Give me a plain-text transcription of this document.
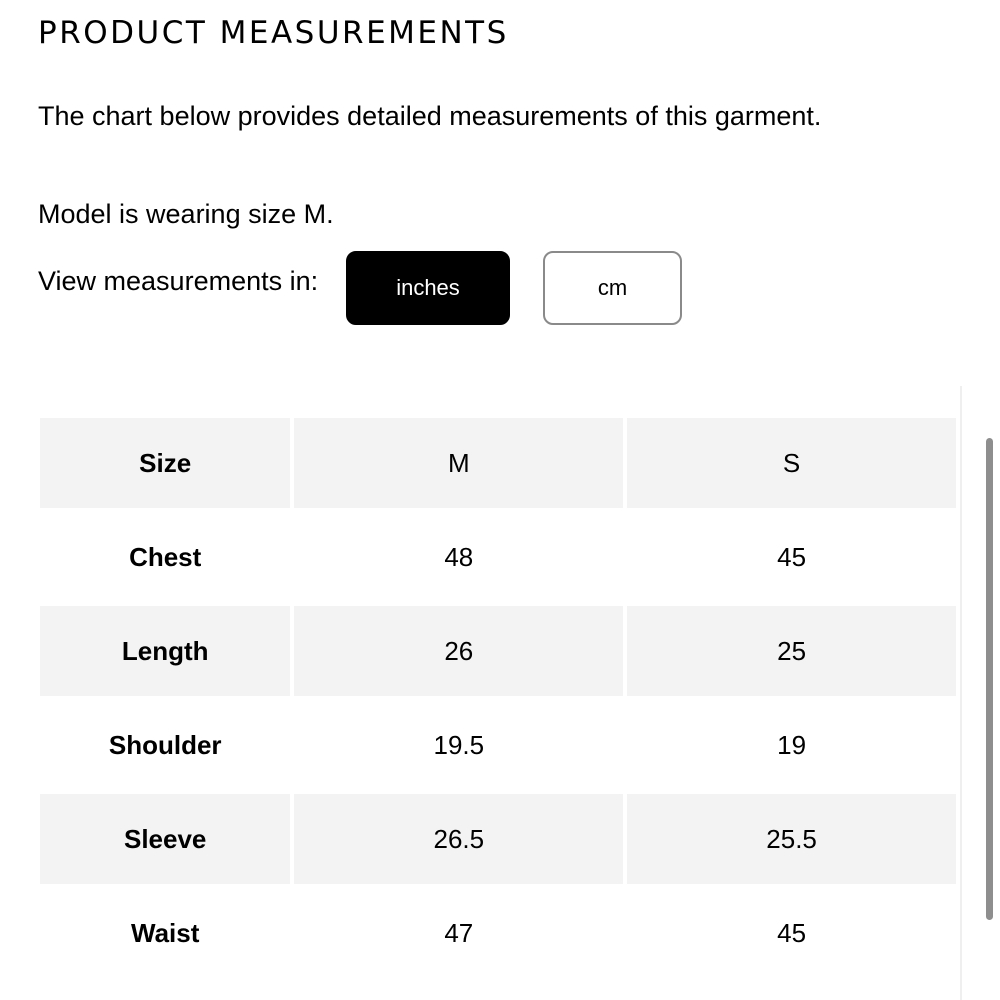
PRODUCT MEASUREMENTS

The chart below provides detailed measurements of this garment.

Model is wearing size M.

View measurements in:	inches	cm
Size	M	S
Chest	48	45
Length	26	25
Shoulder	19.5	19
Sleeve	26.5	25.5
Waist	47	45
